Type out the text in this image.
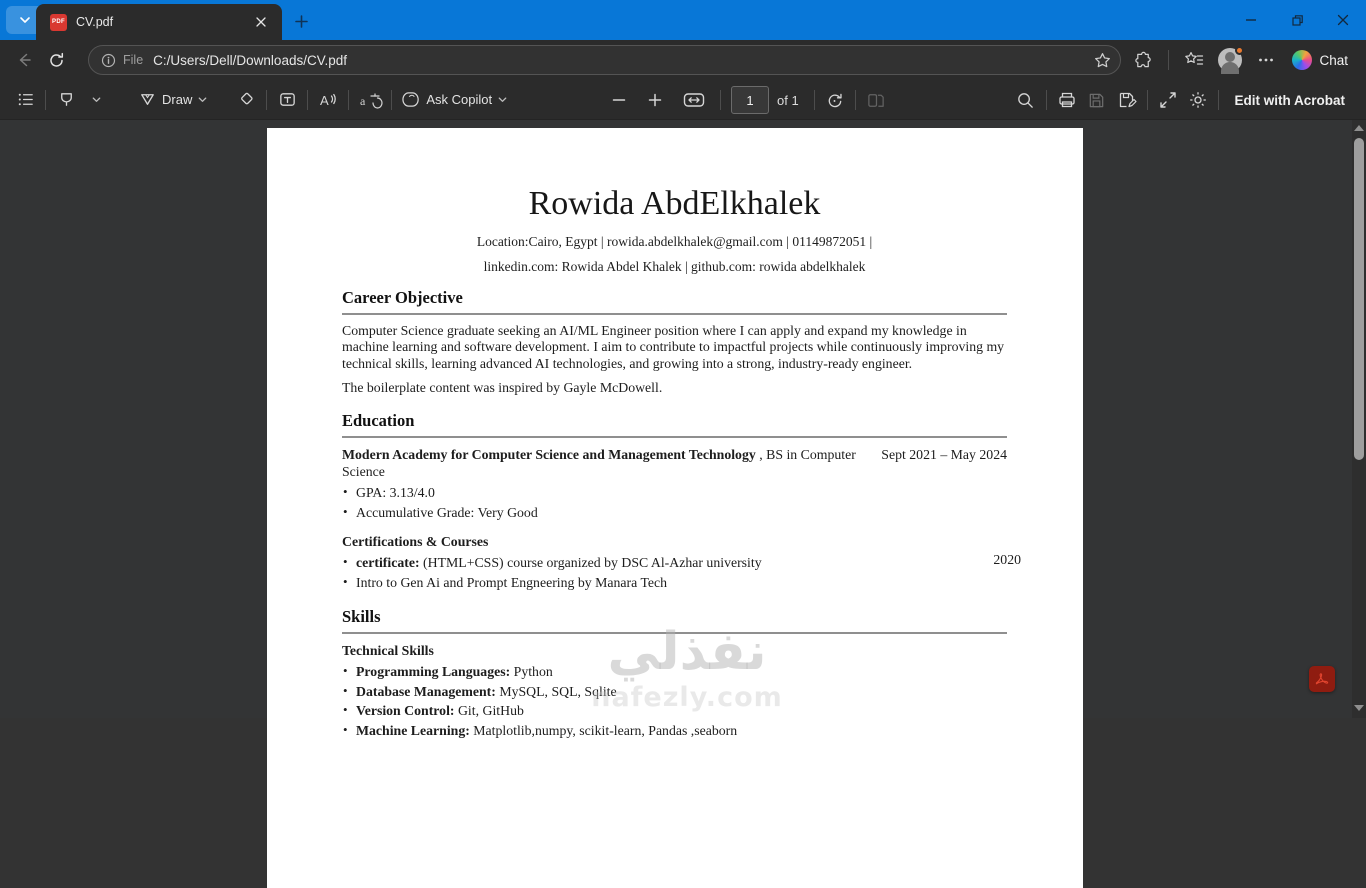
PDF CV.pdf
File C:/Users/Dell/Downloads/CV.pdf	Chat
Draw	A	a	Ask Copilot
1	of 1	Edit with Acrobat
Rowida AbdElkhalek
Location:Cairo, Egypt | rowida.abdelkhalek@gmail.com | 01149872051 |
linkedin.com: Rowida Abdel Khalek | github.com: rowida abdelkhalek
Career Objective
Computer Science graduate seeking an AI/ML Engineer position where I can apply and expand my knowledge in machine learning and software development. I aim to contribute to impactful projects while continuously improving my technical skills, learning advanced AI technologies, and growing into a strong, industry-ready engineer.
The boilerplate content was inspired by Gayle McDowell.
Education
Modern Academy for Computer Science and Management Technology , BS in Computer Science
Sept 2021 – May 2024
• GPA: 3.13/4.0
• Accumulative Grade: Very Good
Certifications & Courses
• certificate: (HTML+CSS) course organized by DSC Al-Azhar university	2020
• Intro to Gen Ai and Prompt Engneering by Manara Tech
Skills
Technical Skills
• Programming Languages: Python
• Database Management: MySQL, SQL, Sqlite
• Version Control: Git, GitHub
• Machine Learning: Matplotlib,numpy, scikit-learn, Pandas ,seaborn
نفذلي
nafezly.com
